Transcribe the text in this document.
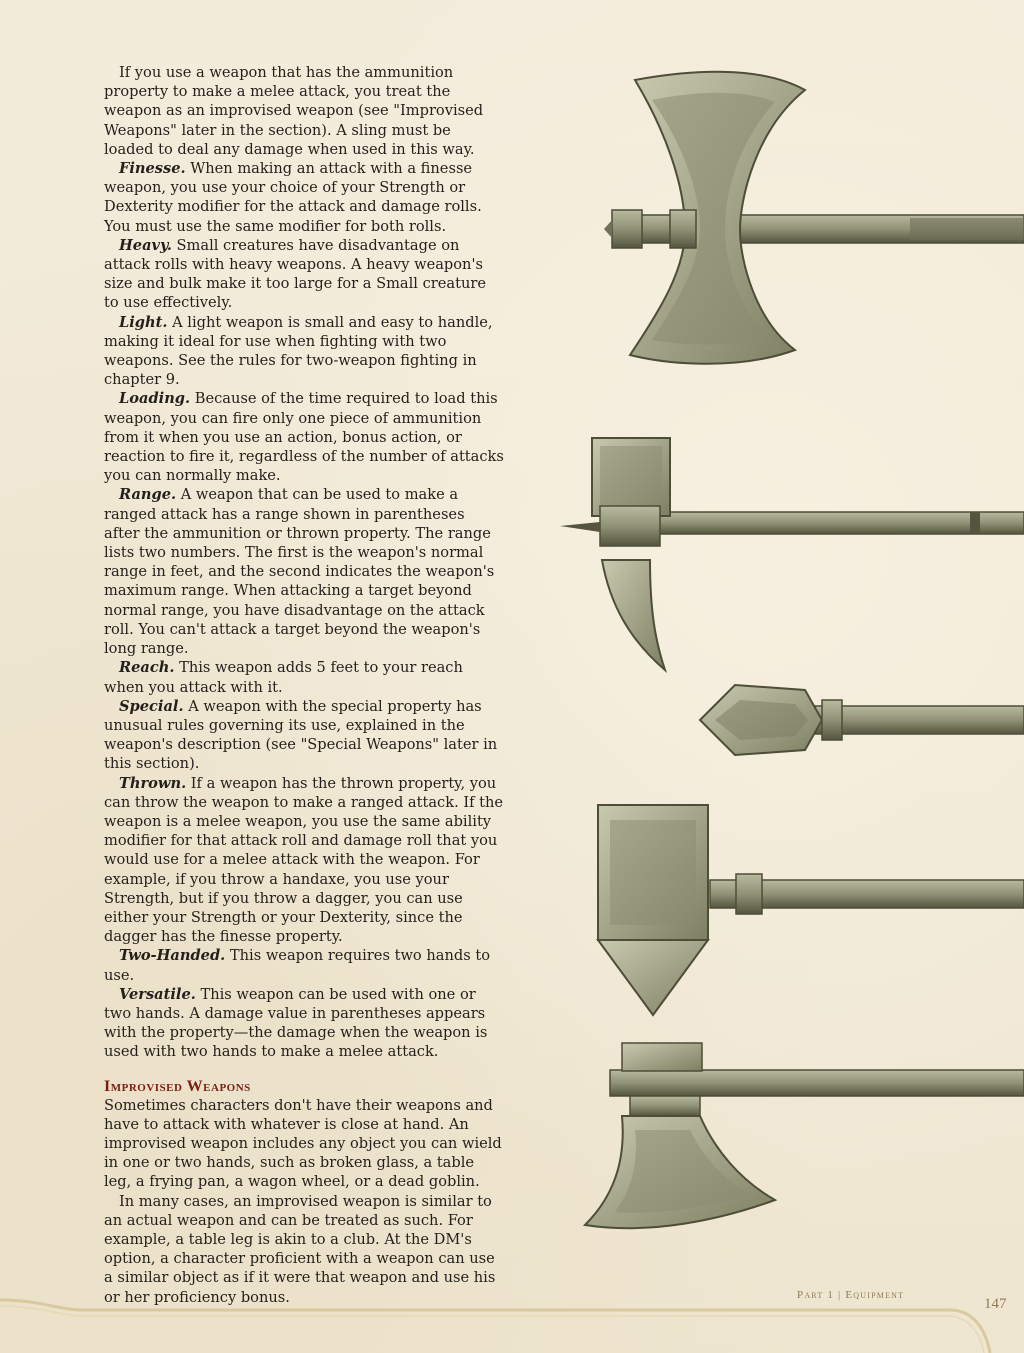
If you use a weapon that has the ammunition property to make a melee attack, you treat the weapon as an improvised weapon (see "Improvised Weapons" later in the section). A sling must be loaded to deal any damage when used in this way.

Finesse. When making an attack with a finesse weapon, you use your choice of your Strength or Dexterity modifier for the attack and damage rolls. You must use the same modifier for both rolls.

Heavy. Small creatures have disadvantage on attack rolls with heavy weapons. A heavy weapon's size and bulk make it too large for a Small creature to use effectively.

Light. A light weapon is small and easy to handle, making it ideal for use when fighting with two weapons. See the rules for two-weapon fighting in chapter 9.

Loading. Because of the time required to load this weapon, you can fire only one piece of ammunition from it when you use an action, bonus action, or reaction to fire it, regardless of the number of attacks you can normally make.

Range. A weapon that can be used to make a ranged attack has a range shown in parentheses after the ammunition or thrown property. The range lists two numbers. The first is the weapon's normal range in feet, and the second indicates the weapon's maximum range. When attacking a target beyond normal range, you have disadvantage on the attack roll. You can't attack a target beyond the weapon's long range.

Reach. This weapon adds 5 feet to your reach when you attack with it.

Special. A weapon with the special property has unusual rules governing its use, explained in the weapon's description (see "Special Weapons" later in this section).

Thrown. If a weapon has the thrown property, you can throw the weapon to make a ranged attack. If the weapon is a melee weapon, you use the same ability modifier for that attack roll and damage roll that you would use for a melee attack with the weapon. For example, if you throw a handaxe, you use your Strength, but if you throw a dagger, you can use either your Strength or your Dexterity, since the dagger has the finesse property.

Two-Handed. This weapon requires two hands to use.

Versatile. This weapon can be used with one or two hands. A damage value in parentheses appears with the property—the damage when the weapon is used with two hands to make a melee attack.

Improvised Weapons

Sometimes characters don't have their weapons and have to attack with whatever is close at hand. An improvised weapon includes any object you can wield in one or two hands, such as broken glass, a table leg, a frying pan, a wagon wheel, or a dead goblin.

In many cases, an improvised weapon is similar to an actual weapon and can be treated as such. For example, a table leg is akin to a club. At the DM's option, a character proficient with a weapon can use a similar object as if it were that weapon and use his or her proficiency bonus.	Part 1 | Equipment
147
